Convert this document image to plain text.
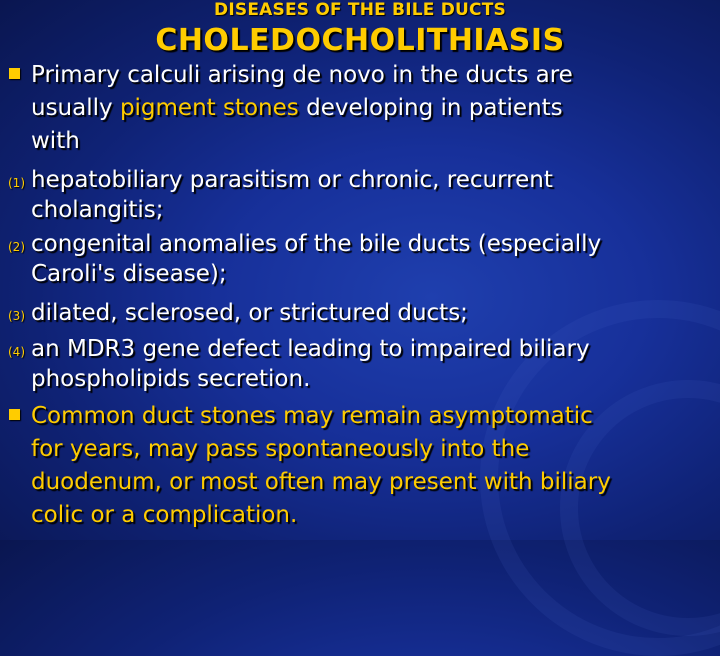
DISEASES OF THE BILE DUCTS
CHOLEDOCHOLITHIASIS
Primary calculi arising de novo in the ducts are
usually pigment stones developing in patients
with
(1) hepatobiliary parasitism or chronic, recurrent
cholangitis;
(2) congenital anomalies of the bile ducts (especially
Caroli's disease);
(3) dilated, sclerosed, or strictured ducts;
(4) an MDR3 gene defect leading to impaired biliary
phospholipids secretion.
Common duct stones may remain asymptomatic
for years, may pass spontaneously into the
duodenum, or most often may present with biliary
colic or a complication.
